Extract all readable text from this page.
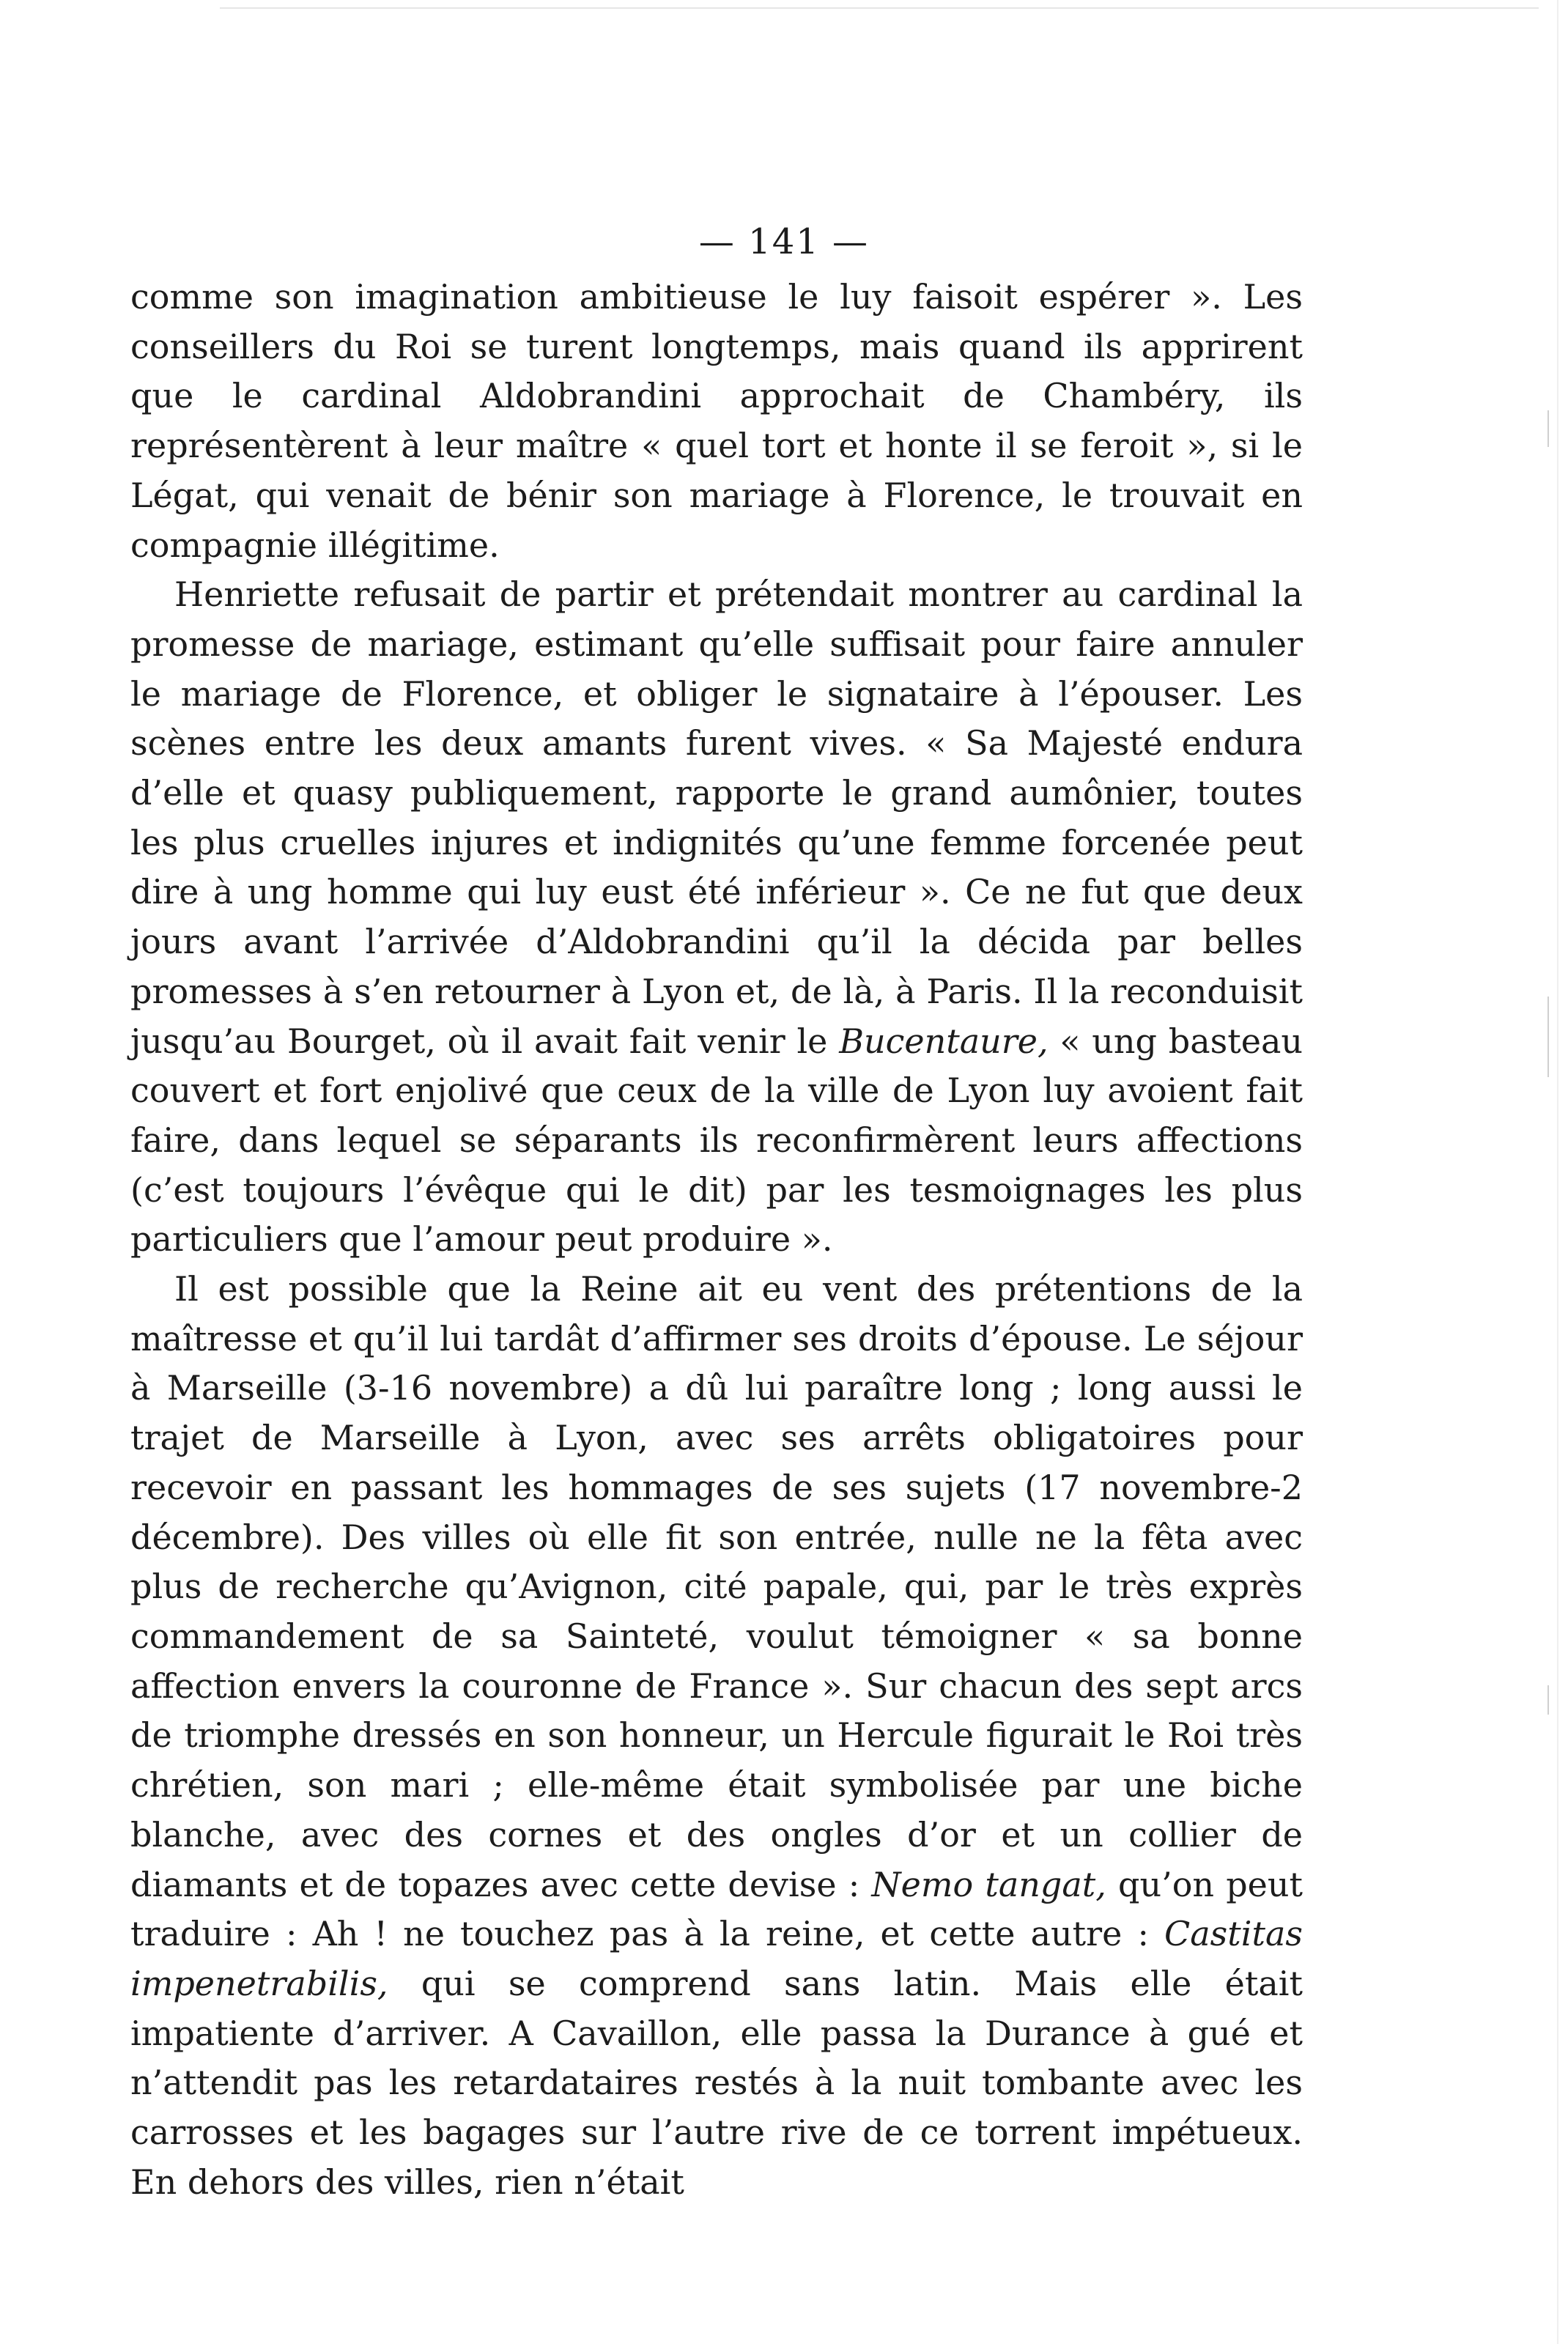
— 141 —

comme son imagination ambitieuse le luy faisoit espérer ». Les conseillers du Roi se turent longtemps, mais quand ils apprirent que le cardinal Aldobrandini approchait de Chambéry, ils représentèrent à leur maître « quel tort et honte il se feroit », si le Légat, qui venait de bénir son mariage à Florence, le trouvait en compagnie illégitime.

Henriette refusait de partir et prétendait montrer au cardinal la promesse de mariage, estimant qu’elle suffisait pour faire annuler le mariage de Florence, et obliger le signataire à l’épouser. Les scènes entre les deux amants furent vives. « Sa Majesté endura d’elle et quasy publiquement, rapporte le grand aumônier, toutes les plus cruelles injures et indignités qu’une femme forcenée peut dire à ung homme qui luy eust été inférieur ». Ce ne fut que deux jours avant l’arrivée d’Aldobrandini qu’il la décida par belles promesses à s’en retourner à Lyon et, de là, à Paris. Il la reconduisit jusqu’au Bourget, où il avait fait venir le Bucentaure, « ung basteau couvert et fort enjolivé que ceux de la ville de Lyon luy avoient fait faire, dans lequel se séparants ils reconfirmèrent leurs affections (c’est toujours l’évêque qui le dit) par les tesmoignages les plus particuliers que l’amour peut produire ».

Il est possible que la Reine ait eu vent des prétentions de la maîtresse et qu’il lui tardât d’affirmer ses droits d’épouse. Le séjour à Marseille (3-16 novembre) a dû lui paraître long ; long aussi le trajet de Marseille à Lyon, avec ses arrêts obligatoires pour recevoir en passant les hommages de ses sujets (17 novembre-2 décembre). Des villes où elle fit son entrée, nulle ne la fêta avec plus de recherche qu’Avignon, cité papale, qui, par le très exprès commandement de sa Sainteté, voulut témoigner « sa bonne affection envers la couronne de France ». Sur chacun des sept arcs de triomphe dressés en son honneur, un Hercule figurait le Roi très chrétien, son mari ; elle-même était symbolisée par une biche blanche, avec des cornes et des ongles d’or et un collier de diamants et de topazes avec cette devise : Nemo tangat, qu’on peut traduire : Ah ! ne touchez pas à la reine, et cette autre : Castitas impenetrabilis, qui se comprend sans latin. Mais elle était impatiente d’arriver. A Cavaillon, elle passa la Durance à gué et n’attendit pas les retardataires restés à la nuit tombante avec les carrosses et les bagages sur l’autre rive de ce torrent impétueux. En dehors des villes, rien n’était
